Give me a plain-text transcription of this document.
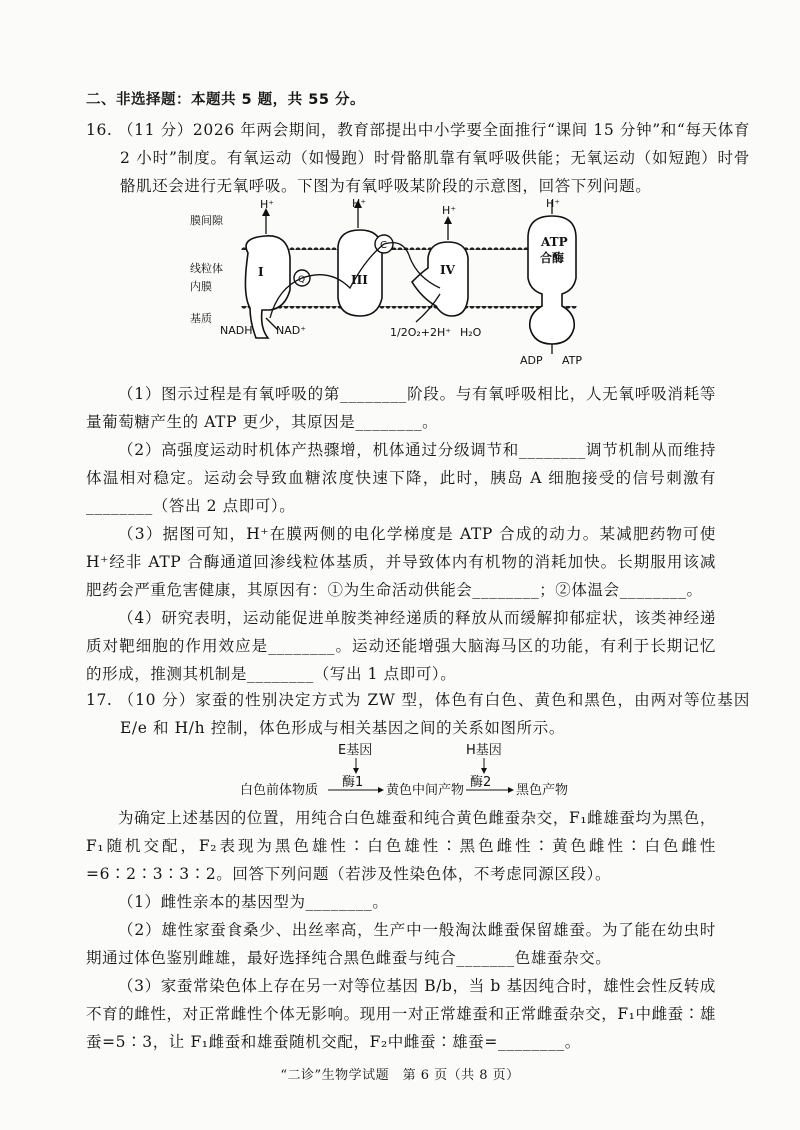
二、非选择题：本题共 5 题，共 55 分。
16. （11 分）2026 年两会期间，教育部提出中小学要全面推行“课间 15 分钟”和“每天体育 2 小时”制度。有氧运动（如慢跑）时骨骼肌靠有氧呼吸供能；无氧运动（如短跑）时骨骼肌还会进行无氧呼吸。下图为有氧呼吸某阶段的示意图，回答下列问题。
膜间隙
线粒体
内膜
基质
I
III
IV
Q
C	ATP
合酶
H⁺	H⁺
H⁺
H⁺
NADH NAD⁺	1/2O₂+2H⁺ H₂O
ADP ATP
（1）图示过程是有氧呼吸的第________阶段。与有氧呼吸相比，人无氧呼吸消耗等量葡萄糖产生的 ATP 更少，其原因是________。
（2）高强度运动时机体产热骤增，机体通过分级调节和________调节机制从而维持体温相对稳定。运动会导致血糖浓度快速下降，此时，胰岛 A 细胞接受的信号刺激有________（答出 2 点即可）。
（3）据图可知，H⁺在膜两侧的电化学梯度是 ATP 合成的动力。某减肥药物可使 H⁺经非 ATP 合酶通道回渗线粒体基质，并导致体内有机物的消耗加快。长期服用该减肥药会严重危害健康，其原因有：①为生命活动供能会________；②体温会________。
（4）研究表明，运动能促进单胺类神经递质的释放从而缓解抑郁症状，该类神经递质对靶细胞的作用效应是________。运动还能增强大脑海马区的功能，有利于长期记忆的形成，推测其机制是________（写出 1 点即可）。
17. （10 分）家蚕的性别决定方式为 ZW 型，体色有白色、黄色和黑色，由两对等位基因 E/e 和 H/h 控制，体色形成与相关基因之间的关系如图所示。
E基因	H基因
酶1	酶2
白色前体物质	黄色中间产物	黑色产物
为确定上述基因的位置，用纯合白色雄蚕和纯合黄色雌蚕杂交，F₁雌雄蚕均为黑色，F₁随机交配，F₂表现为黑色雄性∶白色雄性∶黑色雌性∶黄色雌性∶白色雌性=6∶2∶3∶3∶2。回答下列问题（若涉及性染色体，不考虑同源区段）。
（1）雌性亲本的基因型为________。
（2）雄性家蚕食桑少、出丝率高，生产中一般淘汰雌蚕保留雄蚕。为了能在幼虫时期通过体色鉴别雌雄，最好选择纯合黑色雌蚕与纯合_______色雄蚕杂交。
（3）家蚕常染色体上存在另一对等位基因 B/b，当 b 基因纯合时，雄性会性反转成不育的雌性，对正常雌性个体无影响。现用一对正常雄蚕和正常雌蚕杂交，F₁中雌蚕∶雄蚕=5∶3，让 F₁雌蚕和雄蚕随机交配，F₂中雌蚕∶雄蚕=________。
“二诊”生物学试题　第 6 页（共 8 页）
